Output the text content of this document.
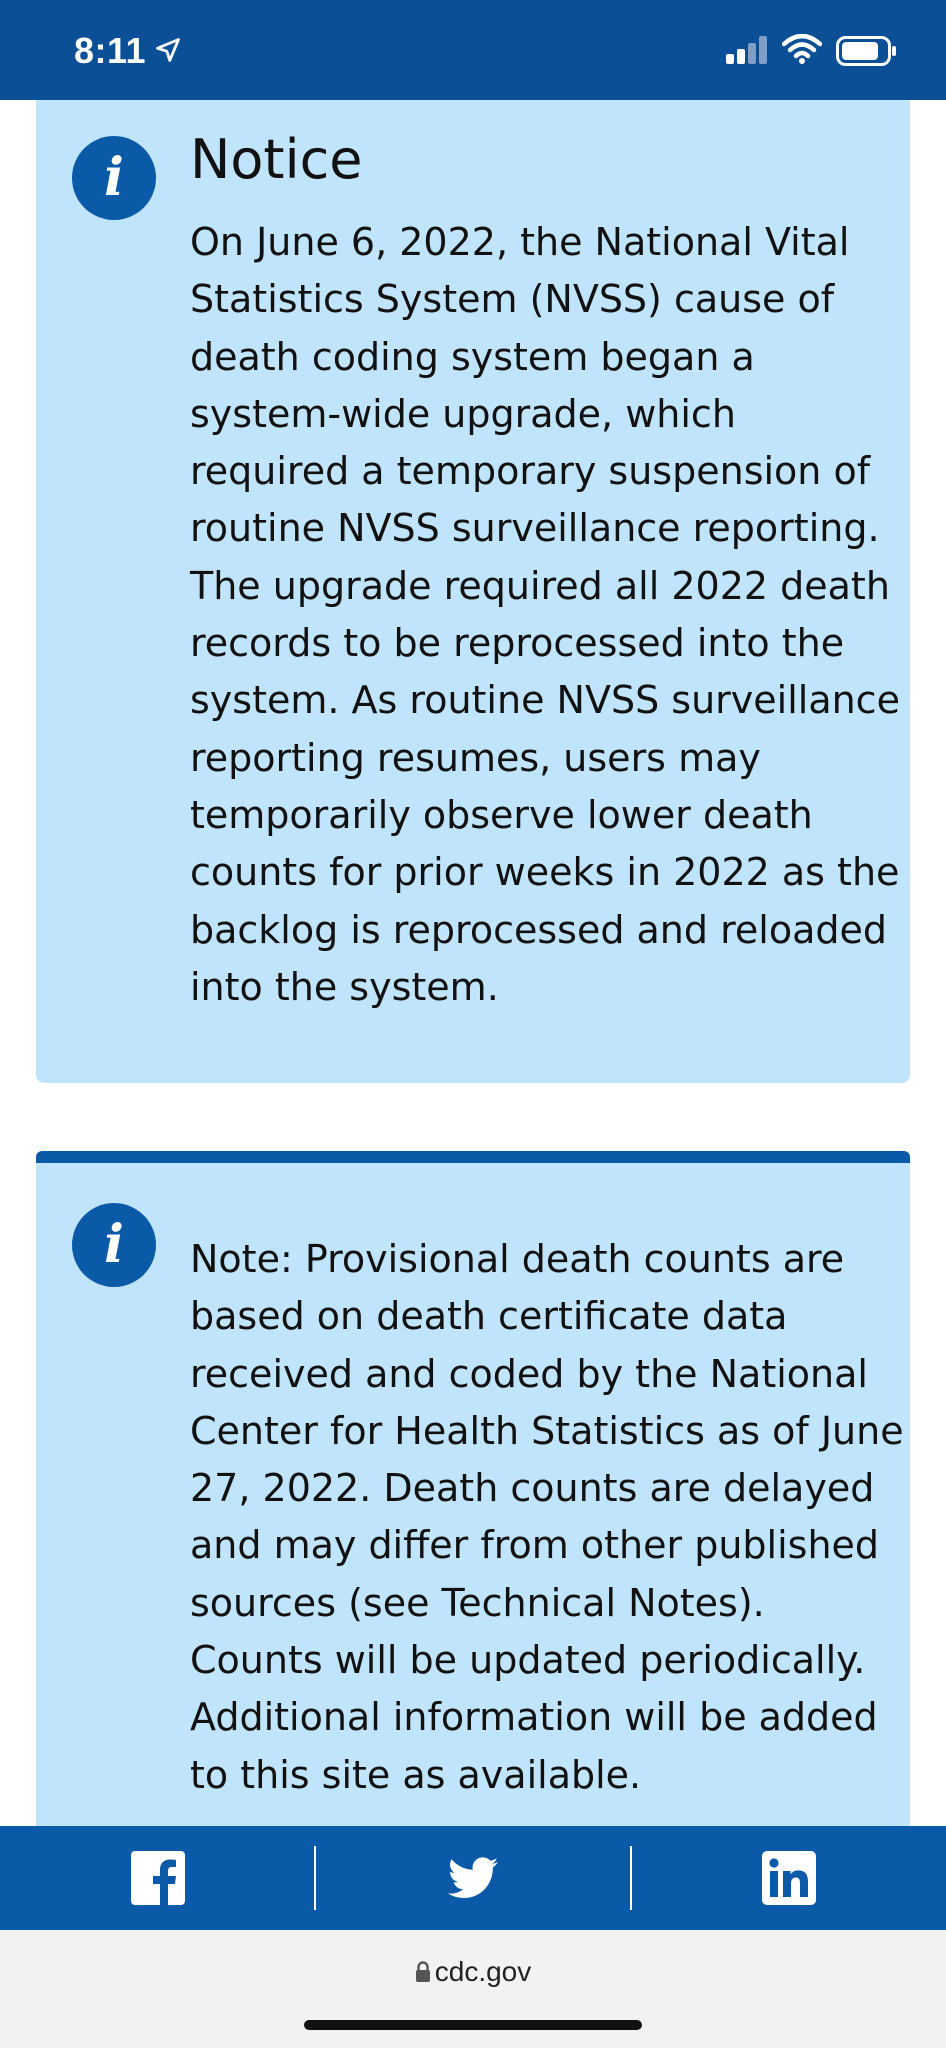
8:11
i	Notice
On June 6, 2022, the National Vital
Statistics System (NVSS) cause of
death coding system began a
system-wide upgrade, which
required a temporary suspension of
routine NVSS surveillance reporting.
The upgrade required all 2022 death
records to be reprocessed into the
system. As routine NVSS surveillance
reporting resumes, users may
temporarily observe lower death
counts for prior weeks in 2022 as the
backlog is reprocessed and reloaded
into the system.
i	Note: Provisional death counts are
based on death certificate data
received and coded by the National
Center for Health Statistics as of June
27, 2022. Death counts are delayed
and may differ from other published
sources (see Technical Notes).
Counts will be updated periodically.
Additional information will be added
to this site as available.
cdc.gov
